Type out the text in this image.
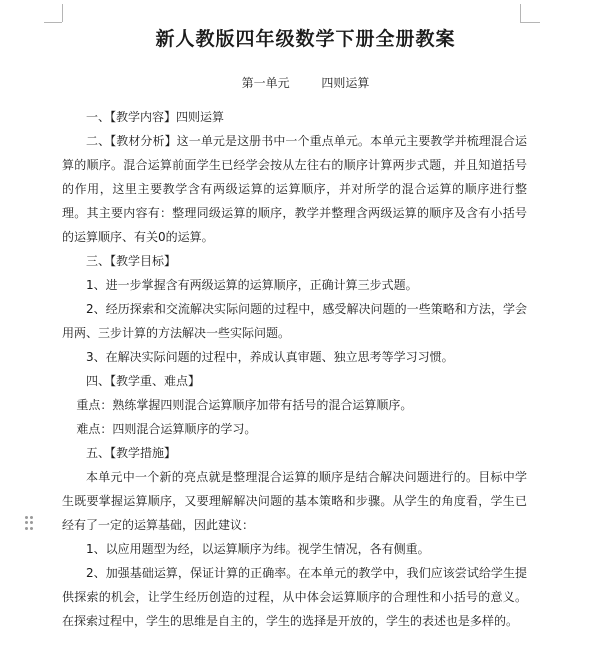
新人教版四年级数学下册全册教案
第一单元	四则运算

一、【教学内容】四则运算

二、【教材分析】这一单元是这册书中一个重点单元。本单元主要教学并梳理混合运算的顺序。混合运算前面学生已经学会按从左往右的顺序计算两步式题，并且知道括号的作用，这里主要教学含有两级运算的运算顺序，并对所学的混合运算的顺序进行整理。其主要内容有：整理同级运算的顺序，教学并整理含两级运算的顺序及含有小括号的运算顺序、有关0的运算。

三、【教学目标】

1、进一步掌握含有两级运算的运算顺序，正确计算三步式题。

2、经历探索和交流解决实际问题的过程中，感受解决问题的一些策略和方法，学会用两、三步计算的方法解决一些实际问题。

3、在解决实际问题的过程中，养成认真审题、独立思考等学习习惯。

四、【教学重、难点】

重点：熟练掌握四则混合运算顺序加带有括号的混合运算顺序。

难点：四则混合运算顺序的学习。

五、【教学措施】

本单元中一个新的亮点就是整理混合运算的顺序是结合解决问题进行的。目标中学生既要掌握运算顺序，又要理解解决问题的基本策略和步骤。从学生的角度看，学生已经有了一定的运算基础，因此建议：

1、以应用题型为经，以运算顺序为纬。视学生情况，各有侧重。

2、加强基础运算，保证计算的正确率。在本单元的教学中，我们应该尝试给学生提供探索的机会，让学生经历创造的过程，从中体会运算顺序的合理性和小括号的意义。在探索过程中，学生的思维是自主的，学生的选择是开放的，学生的表述也是多样的。
